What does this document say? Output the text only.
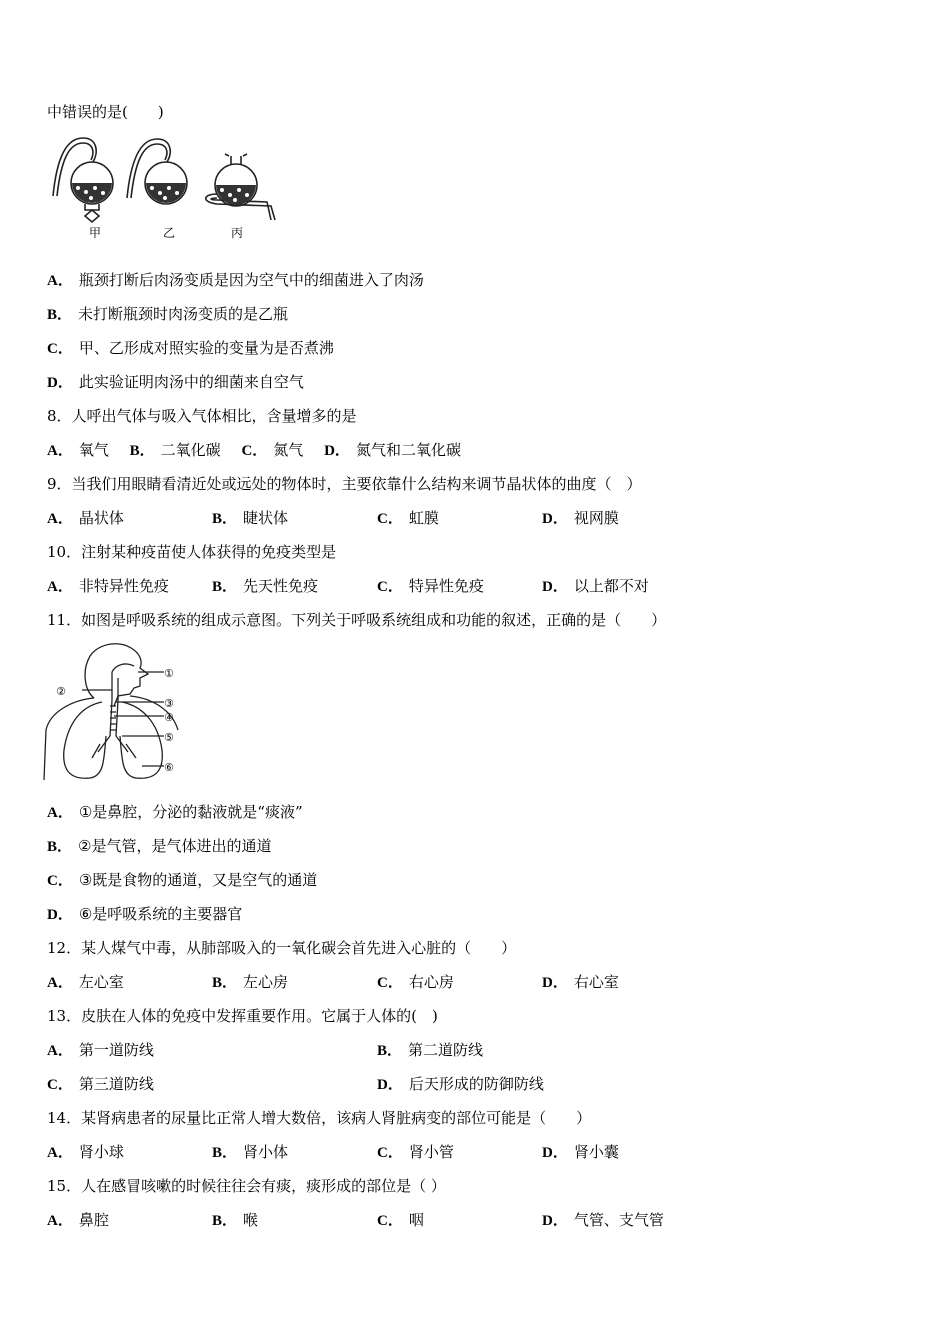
中错误的是(　　)
甲	乙	丙
A． 瓶颈打断后肉汤变质是因为空气中的细菌进入了肉汤
B． 未打断瓶颈时肉汤变质的是乙瓶
C． 甲、乙形成对照实验的变量为是否煮沸
D． 此实验证明肉汤中的细菌来自空气
8．人呼出气体与吸入气体相比，含量增多的是
A． 氧气 B． 二氧化碳 C． 氮气 D． 氮气和二氧化碳
9．当我们用眼睛看清近处或远处的物体时，主要依靠什么结构来调节晶状体的曲度（　）
A． 晶状体	B． 睫状体	C． 虹膜	D． 视网膜
10．注射某种疫苗使人体获得的免疫类型是
A． 非特异性免疫	B． 先天性免疫	C． 特异性免疫	D． 以上都不对
11．如图是呼吸系统的组成示意图。下列关于呼吸系统组成和功能的叙述，正确的是（　　）
①
②
③
④
⑤
⑥
A． ①是鼻腔，分泌的黏液就是“痰液”
B． ②是气管，是气体进出的通道
C． ③既是食物的通道，又是空气的通道
D． ⑥是呼吸系统的主要器官
12．某人煤气中毒，从肺部吸入的一氧化碳会首先进入心脏的（　　）
A． 左心室	B． 左心房	C． 右心房	D． 右心室
13．皮肤在人体的免疫中发挥重要作用。它属于人体的(　)
A． 第一道防线	B． 第二道防线
C． 第三道防线	D． 后天形成的防御防线
14．某肾病患者的尿量比正常人增大数倍，该病人肾脏病变的部位可能是（　　）
A． 肾小球	B． 肾小体	C． 肾小管	D． 肾小囊
15．人在感冒咳嗽的时候往往会有痰，痰形成的部位是（ ）
A． 鼻腔	B． 喉	C． 咽	D． 气管、支气管
